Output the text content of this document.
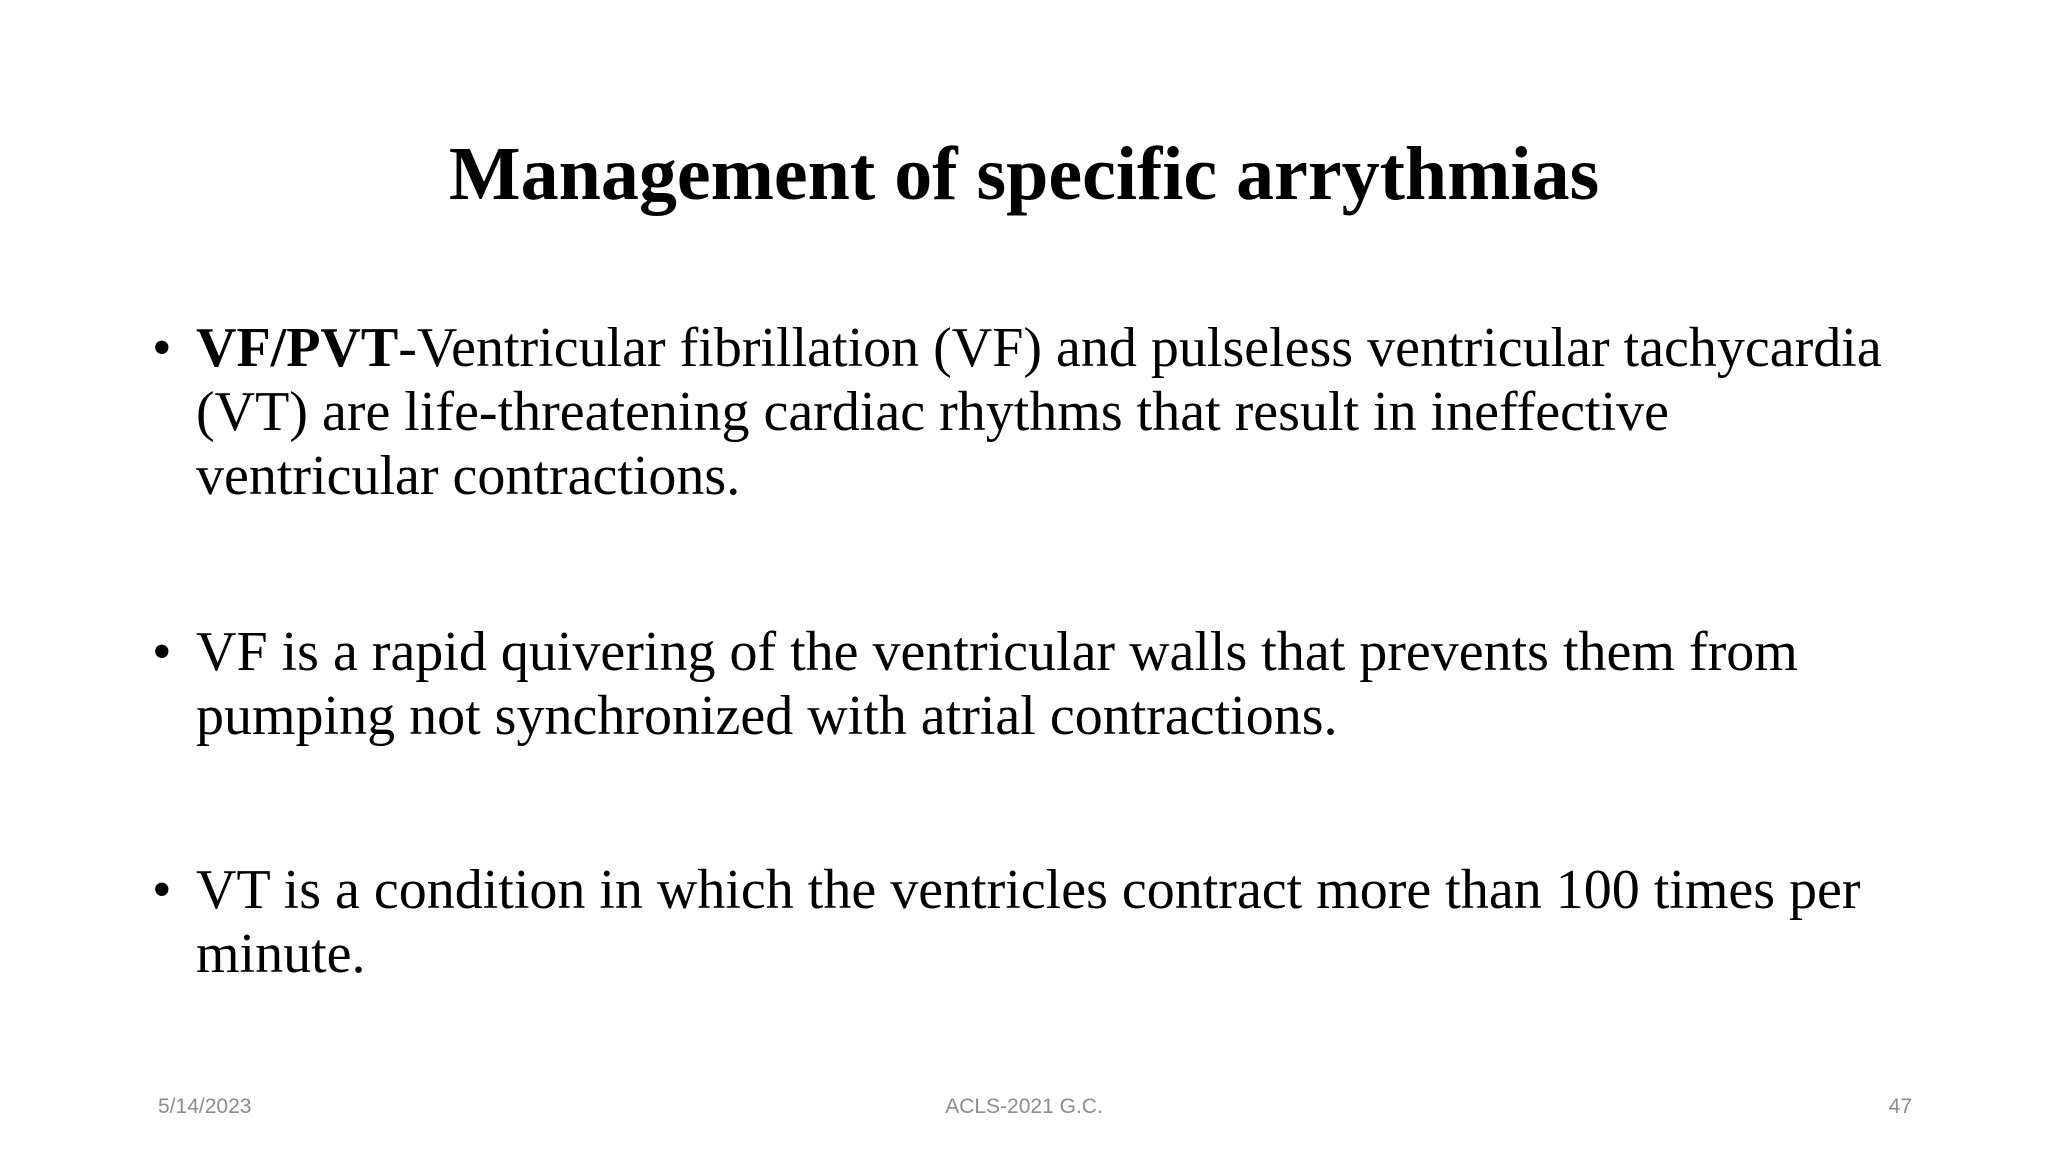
Management of specific arrythmias
• VF/PVT-Ventricular fibrillation (VF) and pulseless ventricular tachycardia (VT) are life-threatening cardiac rhythms that result in ineffective ventricular contractions.
• VF is a rapid quivering of the ventricular walls that prevents them from pumping not synchronized with atrial contractions.
• VT is a condition in which the ventricles contract more than 100 times per minute.
5/14/2023	ACLS-2021 G.C.	47
